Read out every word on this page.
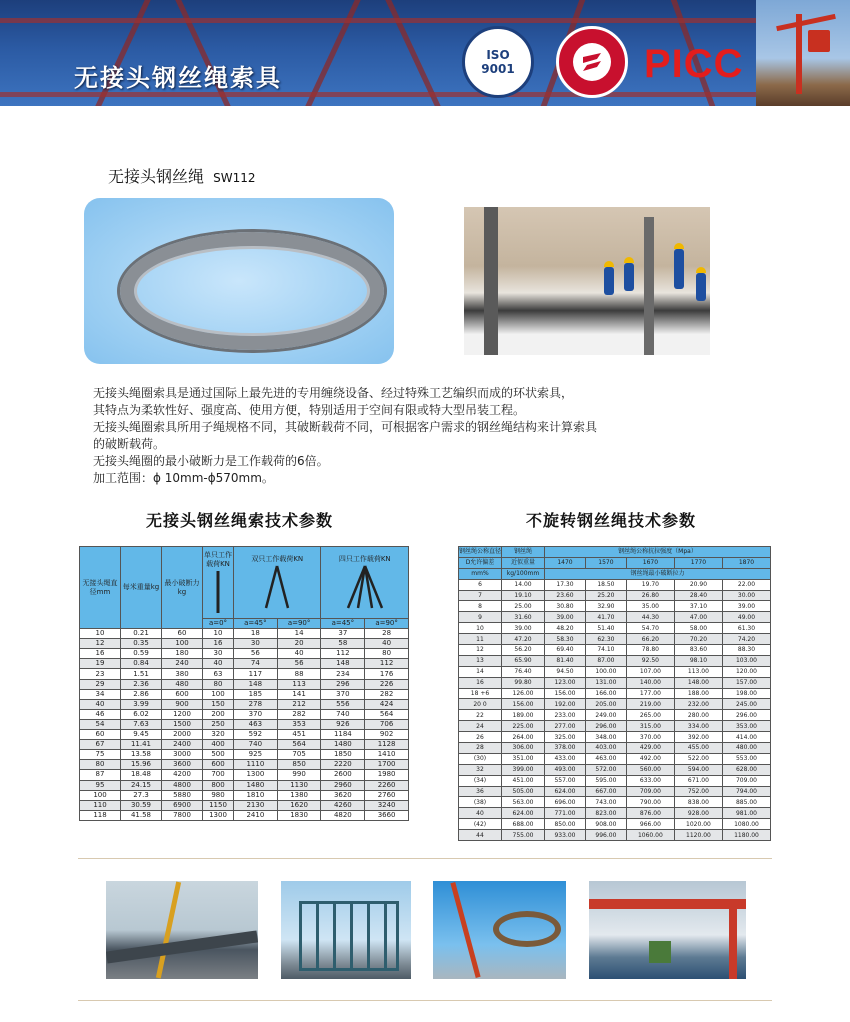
无接头钢丝绳索具
ISO
9001	PICC
无接头钢丝绳 SW112
无接头绳圈索具是通过国际上最先进的专用缠绕设备、经过特殊工艺编织而成的环状索具，
其特点为柔软性好、强度高、使用方便，特别适用于空间有限或特大型吊装工程。
无接头绳圈索具所用子绳规格不同，其破断载荷不同，可根据客户需求的钢丝绳结构来计算索具
的破断载荷。
无接头绳圈的最小破断力是工作载荷的6倍。
加工范围：ϕ 10mm-ϕ570mm。
无接头钢丝绳索技术参数	不旋转钢丝绳技术参数
无接头绳直径mm	每米重量kg	最小破断力kg	单只工作载荷KN	双只工作载荷KN		四只工作载荷KN	

			a=0°	a=45°	a=90°	a=45°	a=90°
10	0.21	60	10	18	14	37	28
12	0.35	100	16	30	20	58	40
16	0.59	180	30	56	40	112	80
19	0.84	240	40	74	56	148	112
23	1.51	380	63	117	88	234	176
29	2.36	480	80	148	113	296	226
34	2.86	600	100	185	141	370	282
40	3.99	900	150	278	212	556	424
46	6.02	1200	200	370	282	740	564
54	7.63	1500	250	463	353	926	706
60	9.45	2000	320	592	451	1184	902
67	11.41	2400	400	740	564	1480	1128
75	13.58	3000	500	925	705	1850	1410
80	15.96	3600	600	1110	850	2220	1700
87	18.48	4200	700	1300	990	2600	1980
95	24.15	4800	800	1480	1130	2960	2260
100	27.3	5880	980	1810	1380	3620	2760
110	30.59	6900	1150	2130	1620	4260	3240
118	41.58	7800	1300	2410	1830	4820	3660
钢丝绳公称直径	钢丝绳	钢丝绳公称抗拉强度（Mpa）				
D允许偏差	近似重量	1470	1570	1670	1770	1870
mm%	kg/100mm	钢丝绳最小破断拉力				
6	14.00	17.30	18.50	19.70	20.90	22.00
7	19.10	23.60	25.20	26.80	28.40	30.00
8	25.00	30.80	32.90	35.00	37.10	39.00
9	31.60	39.00	41.70	44.30	47.00	49.00
10	39.00	48.20	51.40	54.70	58.00	61.30
11	47.20	58.30	62.30	66.20	70.20	74.20
12	56.20	69.40	74.10	78.80	83.60	88.30
13	65.90	81.40	87.00	92.50	98.10	103.00
14	76.40	94.50	100.00	107.00	113.00	120.00
16	99.80	123.00	131.00	140.00	148.00	157.00
18 +6	126.00	156.00	166.00	177.00	188.00	198.00
20 0	156.00	192.00	205.00	219.00	232.00	245.00
22	189.00	233.00	249.00	265.00	280.00	296.00
24	225.00	277.00	296.00	315.00	334.00	353.00
26	264.00	325.00	348.00	370.00	392.00	414.00
28	306.00	378.00	403.00	429.00	455.00	480.00
(30)	351.00	433.00	463.00	492.00	522.00	553.00
32	399.00	493.00	572.00	560.00	594.00	628.00
(34)	451.00	557.00	595.00	633.00	671.00	709.00
36	505.00	624.00	667.00	709.00	752.00	794.00
(38)	563.00	696.00	743.00	790.00	838.00	885.00
40	624.00	771.00	823.00	876.00	928.00	981.00
(42)	688.00	850.00	908.00	966.00	1020.00	1080.00
44	755.00	933.00	996.00	1060.00	1120.00	1180.00
